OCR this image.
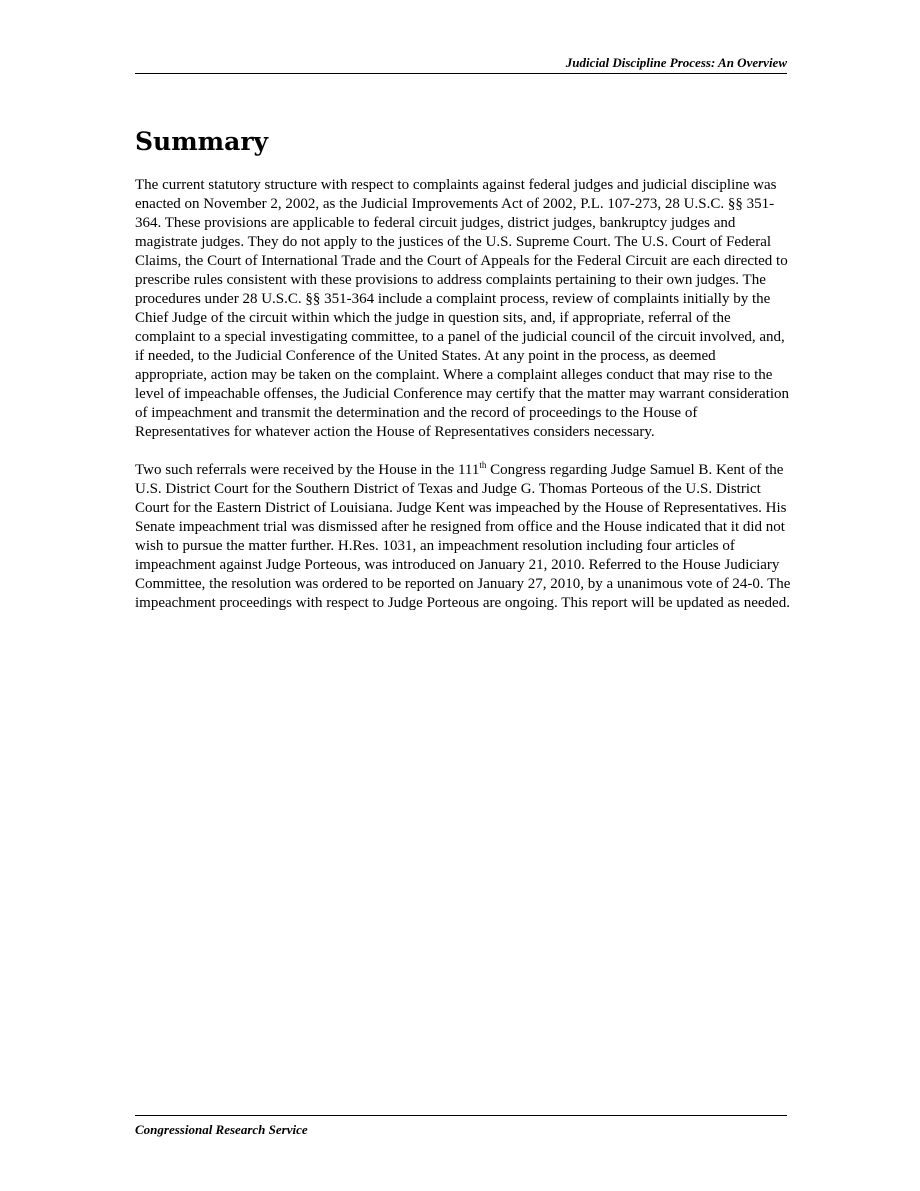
Judicial Discipline Process: An Overview
Summary

The current statutory structure with respect to complaints against federal judges and judicial discipline was enacted on November 2, 2002, as the Judicial Improvements Act of 2002, P.L. 107-273, 28 U.S.C. §§ 351-364. These provisions are applicable to federal circuit judges, district judges, bankruptcy judges and magistrate judges. They do not apply to the justices of the U.S. Supreme Court. The U.S. Court of Federal Claims, the Court of International Trade and the Court of Appeals for the Federal Circuit are each directed to prescribe rules consistent with these provisions to address complaints pertaining to their own judges. The procedures under 28 U.S.C. §§ 351-364 include a complaint process, review of complaints initially by the Chief Judge of the circuit within which the judge in question sits, and, if appropriate, referral of the complaint to a special investigating committee, to a panel of the judicial council of the circuit involved, and, if needed, to the Judicial Conference of the United States. At any point in the process, as deemed appropriate, action may be taken on the complaint. Where a complaint alleges conduct that may rise to the level of impeachable offenses, the Judicial Conference may certify that the matter may warrant consideration of impeachment and transmit the determination and the record of proceedings to the House of Representatives for whatever action the House of Representatives considers necessary.

Two such referrals were received by the House in the 111th Congress regarding Judge Samuel B. Kent of the U.S. District Court for the Southern District of Texas and Judge G. Thomas Porteous of the U.S. District Court for the Eastern District of Louisiana. Judge Kent was impeached by the House of Representatives. His Senate impeachment trial was dismissed after he resigned from office and the House indicated that it did not wish to pursue the matter further. H.Res. 1031, an impeachment resolution including four articles of impeachment against Judge Porteous, was introduced on January 21, 2010. Referred to the House Judiciary Committee, the resolution was ordered to be reported on January 27, 2010, by a unanimous vote of 24-0. The impeachment proceedings with respect to Judge Porteous are ongoing. This report will be updated as needed.

Congressional Research Service
